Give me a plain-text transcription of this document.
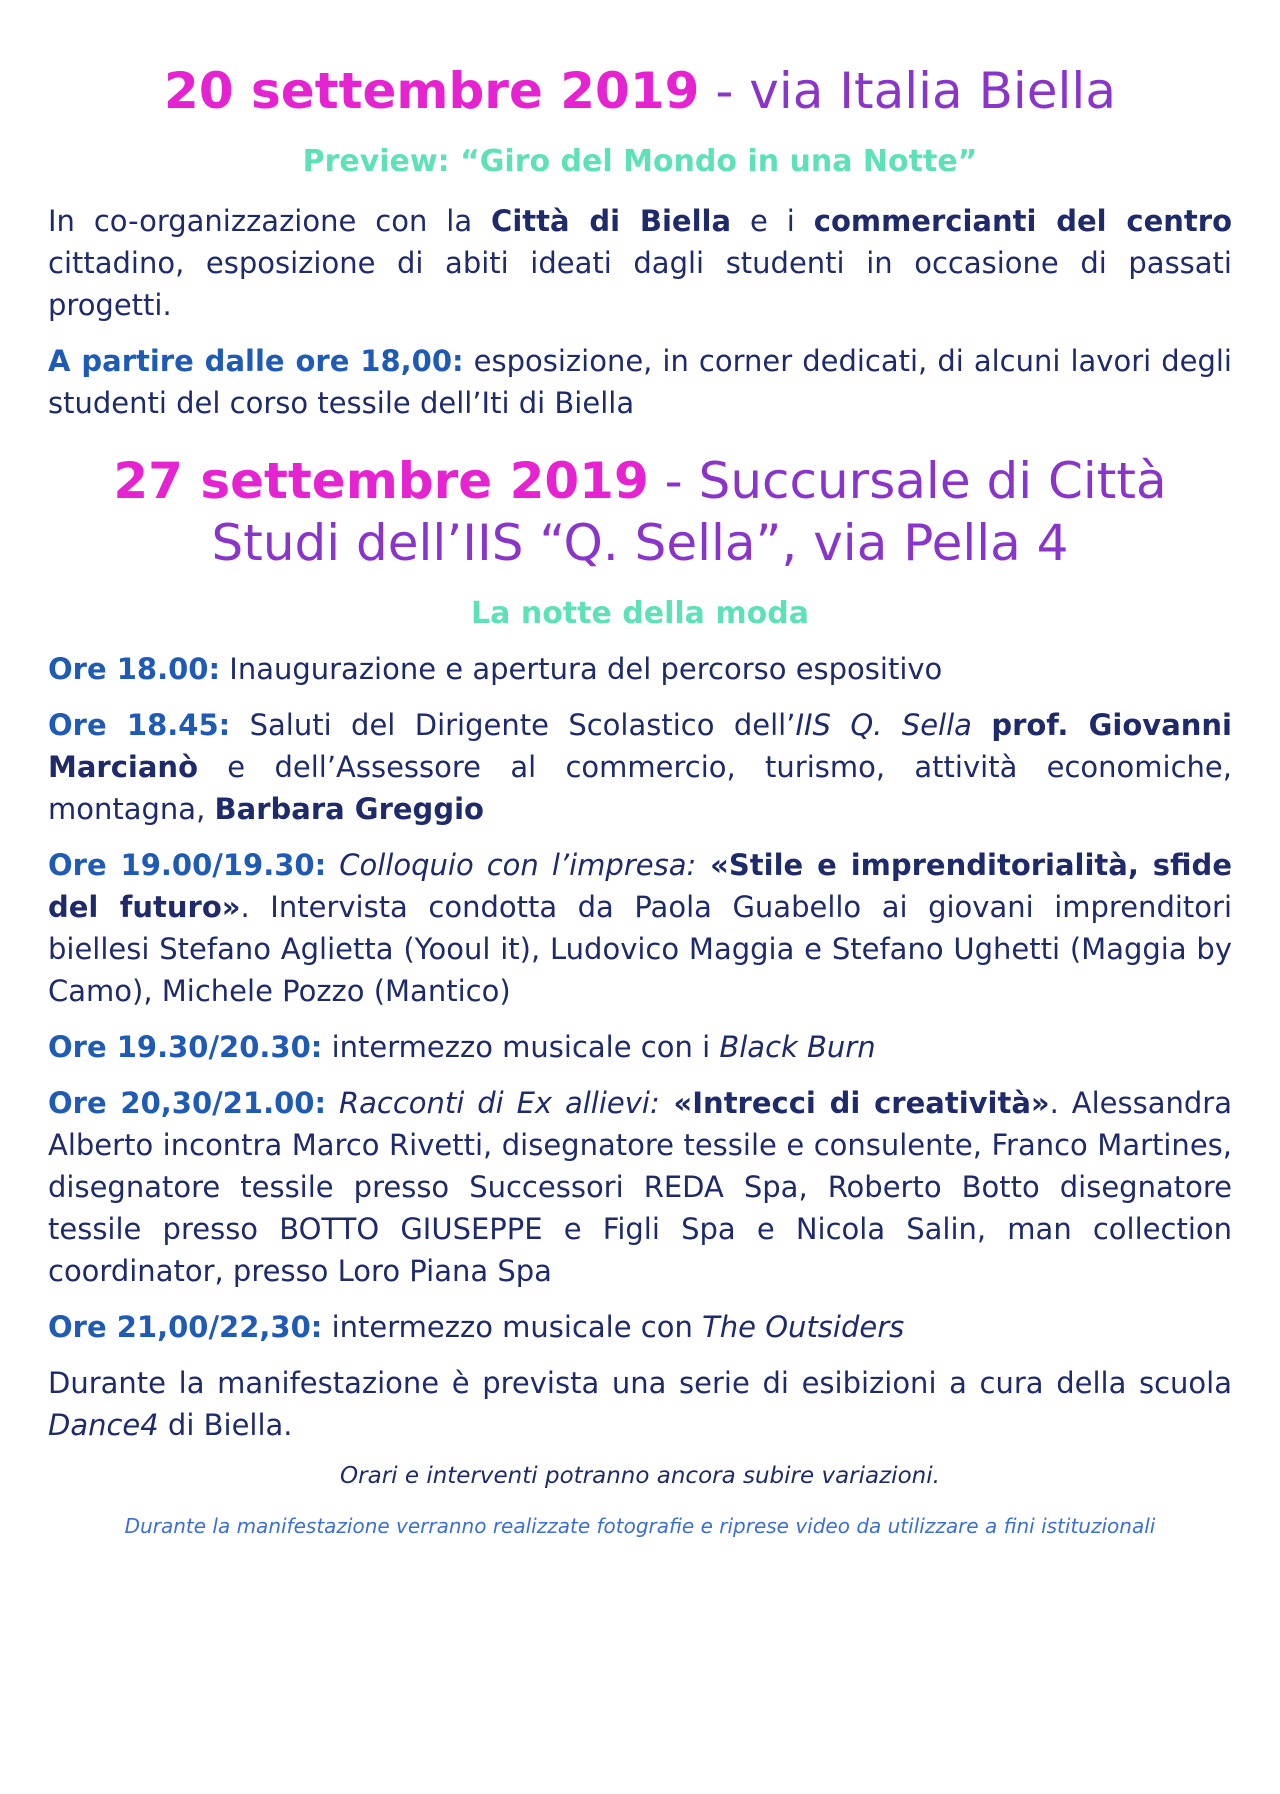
20 settembre 2019 - via Italia Biella

Preview: “Giro del Mondo in una Notte”

In co-organizzazione con la Città di Biella e i commercianti del centro cittadino, esposizione di abiti ideati dagli studenti in occasione di passati progetti.

A partire dalle ore 18,00: esposizione, in corner dedicati, di alcuni lavori degli studenti del corso tessile dell’Iti di Biella

27 settembre 2019 - Succursale di Città
Studi dell’IIS “Q. Sella”, via Pella 4

La notte della moda

Ore 18.00: Inaugurazione e apertura del percorso espositivo

Ore 18.45: Saluti del Dirigente Scolastico dell’IIS Q. Sella prof. Giovanni Marcianò e dell’Assessore al commercio, turismo, attività economiche, montagna, Barbara Greggio

Ore 19.00/19.30: Colloquio con l’impresa: «Stile e imprenditorialità, sfide del futuro». Intervista condotta da Paola Guabello ai giovani imprenditori biellesi Stefano Aglietta (Yooul it), Ludovico Maggia e Stefano Ughetti (Maggia by Camo), Michele Pozzo (Mantico)

Ore 19.30/20.30: intermezzo musicale con i Black Burn

Ore 20,30/21.00: Racconti di Ex allievi: «Intrecci di creatività». Alessandra Alberto incontra Marco Rivetti, disegnatore tessile e consulente, Franco Martines, disegnatore tessile presso Successori REDA Spa, Roberto Botto disegnatore tessile presso BOTTO GIUSEPPE e Figli Spa e Nicola Salin, man collection coordinator, presso Loro Piana Spa

Ore 21,00/22,30: intermezzo musicale con The Outsiders

Durante la manifestazione è prevista una serie di esibizioni a cura della scuola Dance4 di Biella.

Orari e interventi potranno ancora subire variazioni.

Durante la manifestazione verranno realizzate fotografie e riprese video da utilizzare a fini istituzionali
